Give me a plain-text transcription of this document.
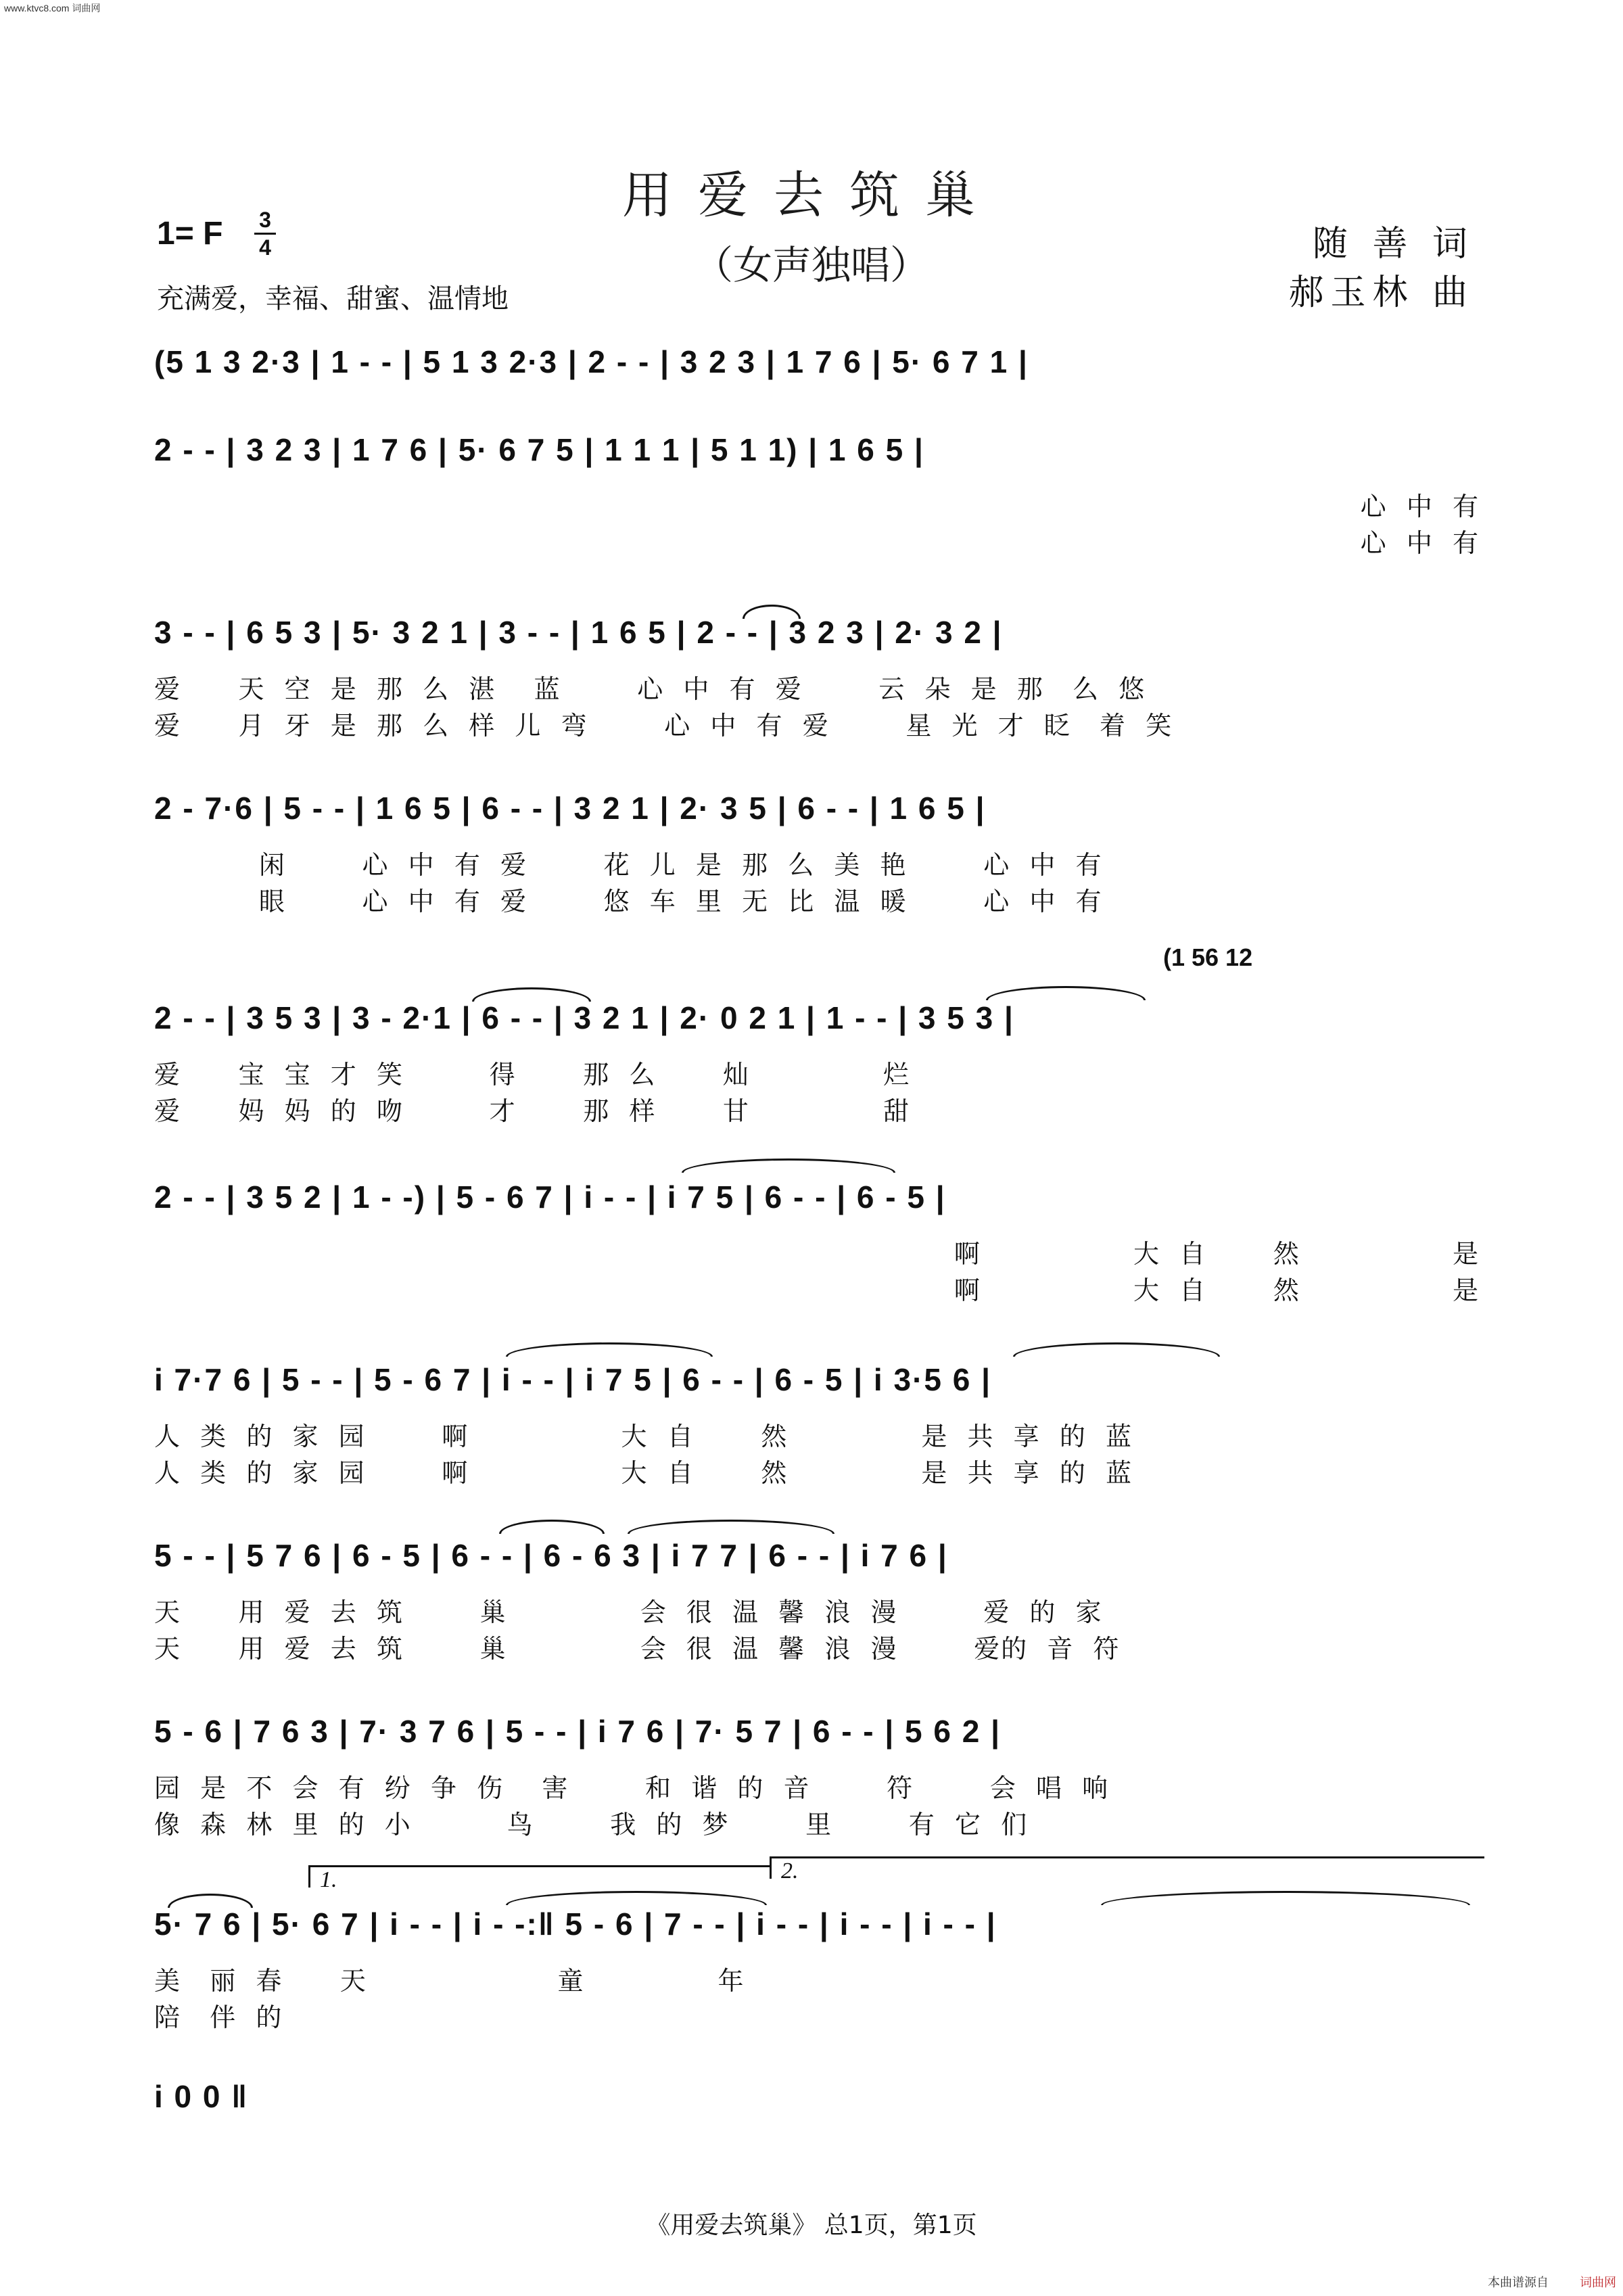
www.ktvc8.com 词曲网
用爱去筑巢
（女声独唱）
1= F	3
4
充满爱，幸福、甜蜜、温情地
随 善 词
郝玉林 曲
(5 1 3 2·3 | 1 - - | 5 1 3 2·3 | 2 - - | 3 2 3 | 1 7 6 | 5· 6 7 1 |
2 - - | 3 2 3 | 1 7 6 | 5· 6 7 5 | 1 1 1 | 5 1 1) | 1 6 5 |
心  中  有
心  中  有
3 - - | 6 5 3 | 5· 3 2 1 | 3 - - | 1 6 5 | 2 - - | 3 2 3 | 2· 3 2 |
爱      天  空  是  那  么  湛    蓝        心  中  有  爱        云  朵  是  那   么  悠
爱      月  牙  是  那  么  样  儿  弯        心  中  有  爱        星  光  才  眨   着  笑
2 - 7·6 | 5 - - | 1 6 5 | 6 - - | 3 2 1 | 2· 3 5 | 6 - - | 1 6 5 |
闲        心  中  有  爱        花  儿  是  那  么  美  艳        心  中  有
眼        心  中  有  爱        悠  车  里  无  比  温  暖        心  中  有
(1 56 12
2 - - | 3 5 3 | 3 - 2·1 | 6 - - | 3 2 1 | 2· 0 2 1 | 1 - - | 3 5 3 |
爱      宝  宝  才  笑         得       那  么       灿              烂
爱      妈  妈  的  吻         才       那  样       甘              甜
2 - - | 3 5 2 | 1 - -) | 5 - 6 7 | i - - | i 7 5 | 6 - - | 6 - 5 |
啊                大  自       然                是
啊                大  自       然                是
i 7·7 6 | 5 - - | 5 - 6 7 | i - - | i 7 5 | 6 - - | 6 - 5 | i 3·5 6 |
人  类  的  家  园        啊                大  自       然              是  共  享  的  蓝
人  类  的  家  园        啊                大  自       然              是  共  享  的  蓝
5 - - | 5 7 6 | 6 - 5 | 6 - - | 6 - 6 3 | i 7 7 | 6 - - | i 7 6 |
天      用  爱  去  筑        巢              会  很  温  馨  浪  漫         爱  的  家
天      用  爱  去  筑        巢              会  很  温  馨  浪  漫        爱的  音  符
5 - 6 | 7 6 3 | 7· 3 7 6 | 5 - - | i 7 6 | 7· 5 7 | 6 - - | 5 6 2 |
园  是  不  会  有  纷  争  伤    害        和  谐  的  音        符        会  唱  响
像  森  林  里  的  小          鸟        我  的  梦        里        有  它  们
1.	2.
5· 7 6 | 5· 6 7 | i - - | i - -:‖ 5 - 6 | 7 - - | i - - | i - - | i - - |
美   丽  春      天                    童              年
陪   伴  的
i 0 0 ‖
《用爱去筑巢》 总1页，第1页
本曲谱源自	词曲网
